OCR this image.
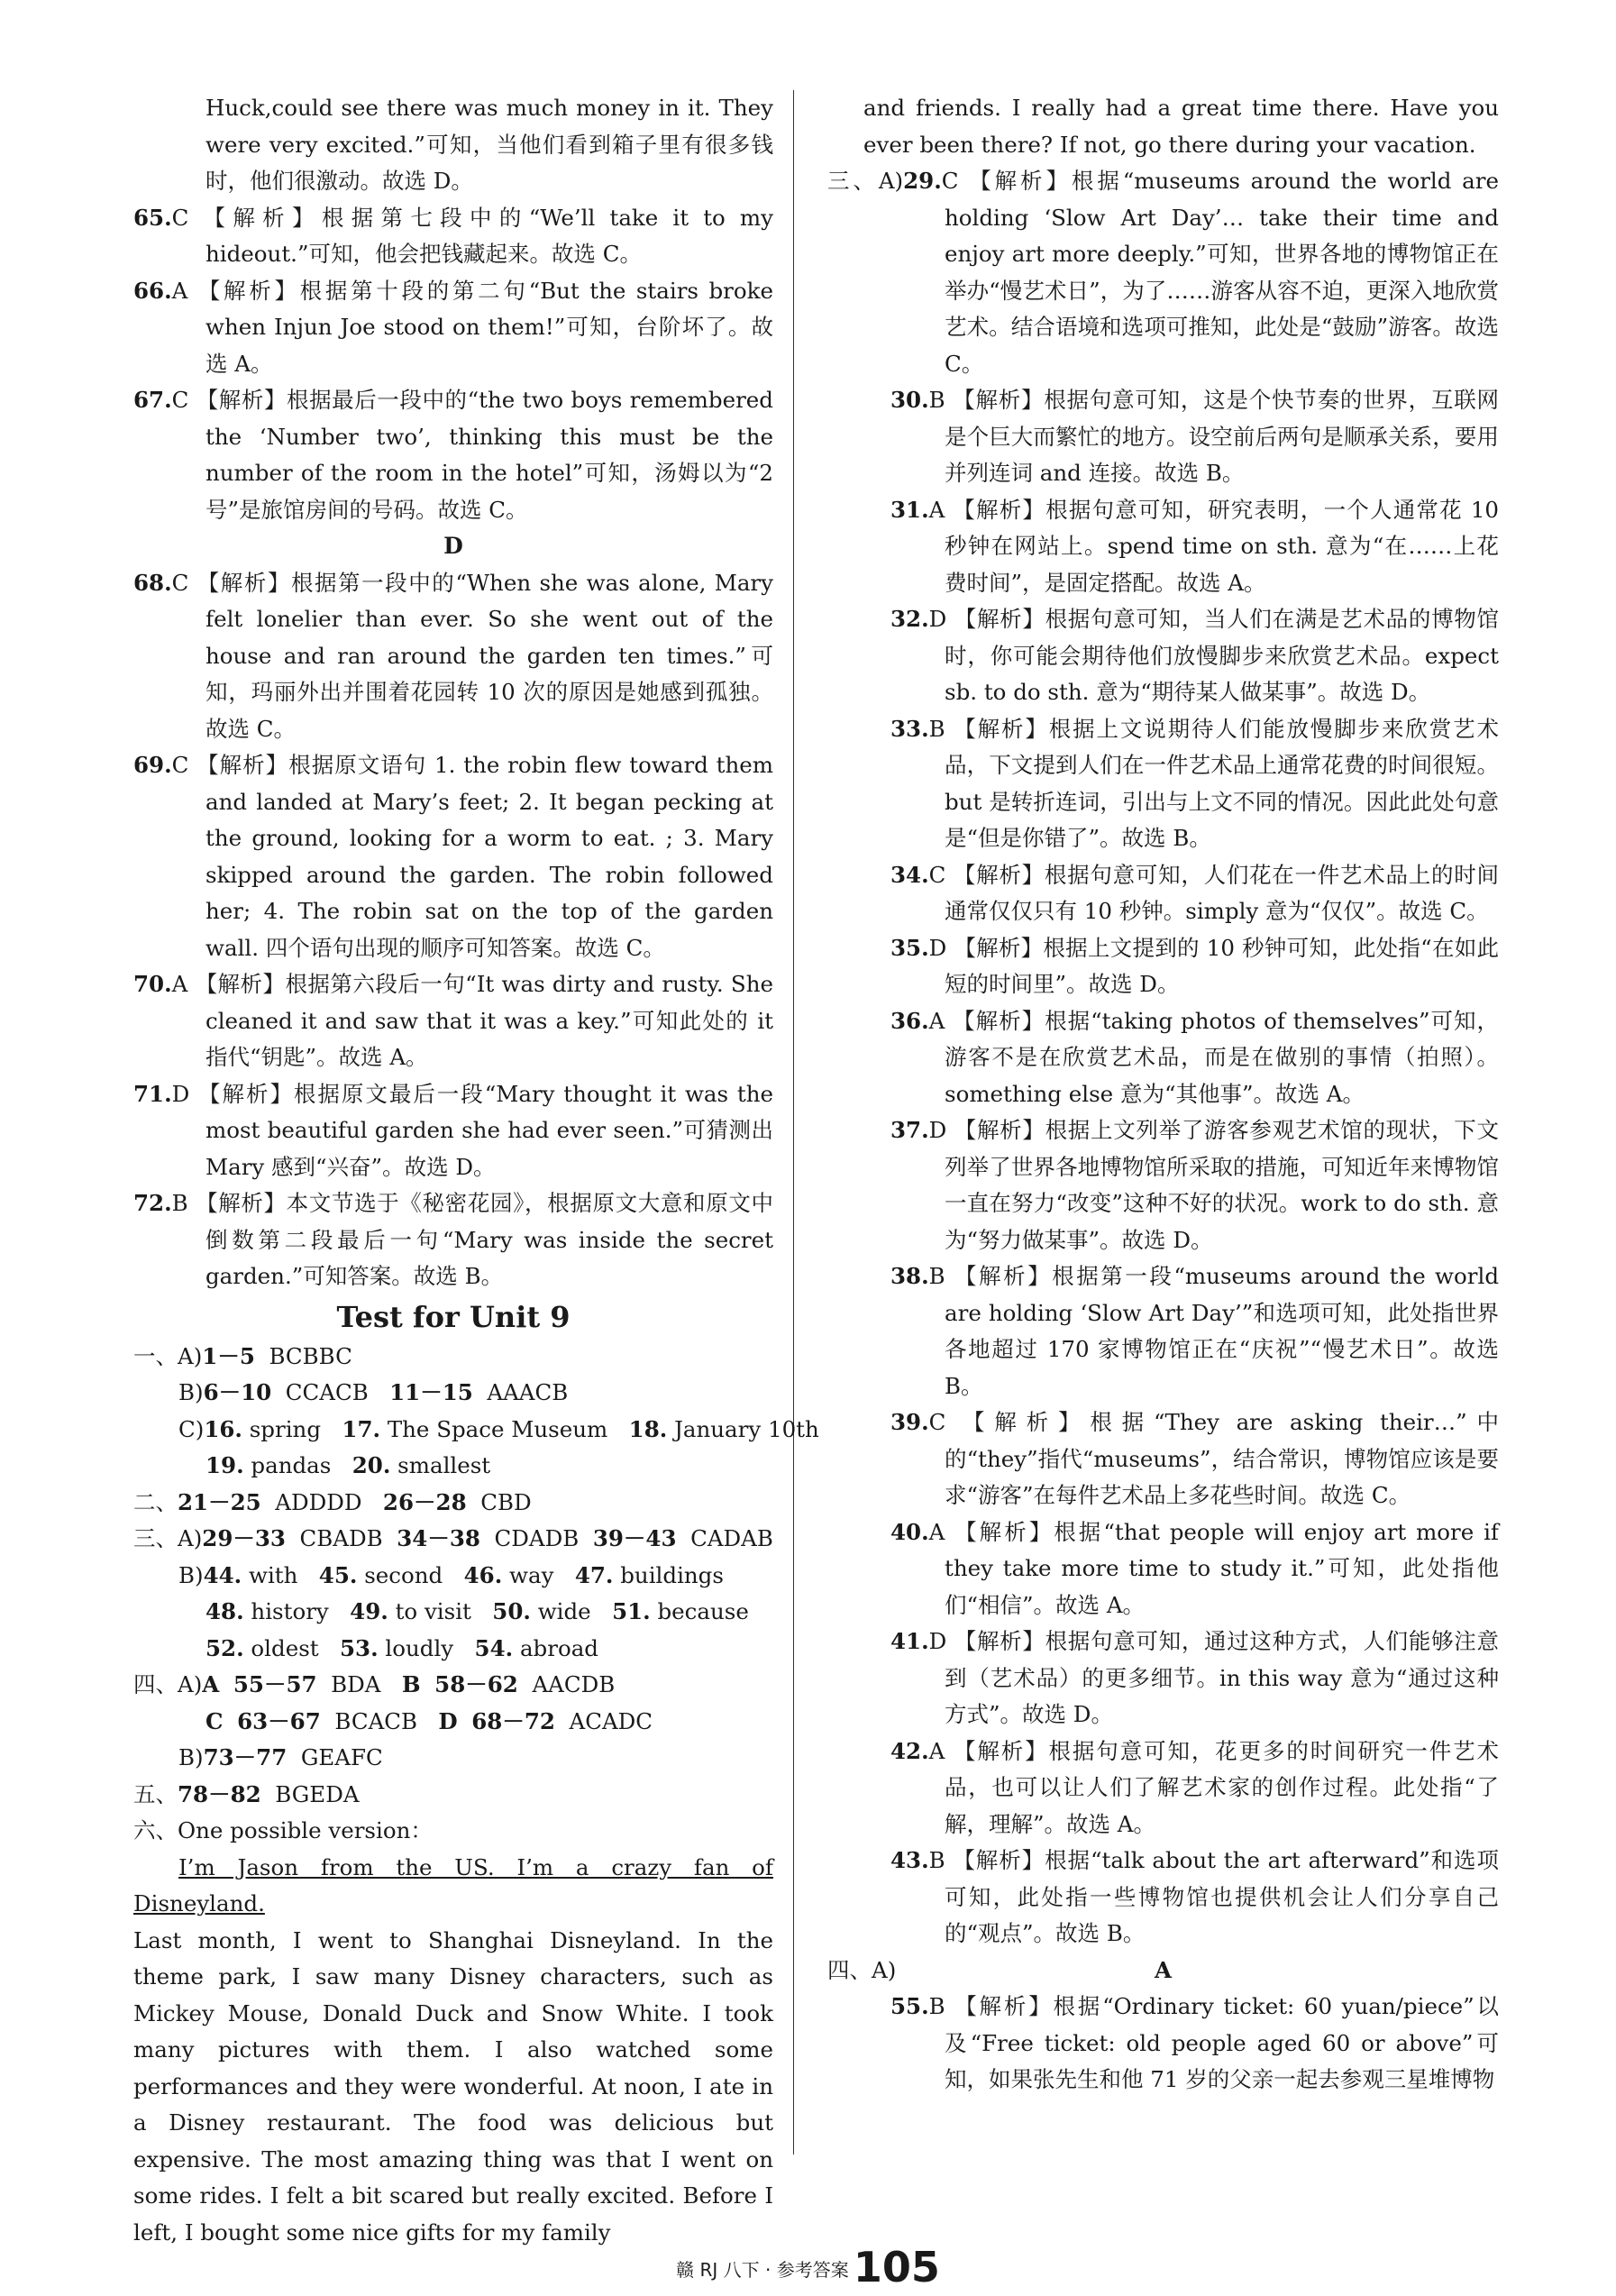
Huck,could see there was much money in it. They were very excited.”可知，当他们看到箱子里有很多钱时，他们很激动。故选 D。
65.C 【解析】根据第七段中的“We’ll take it to my hideout.”可知，他会把钱藏起来。故选 C。
66.A 【解析】根据第十段的第二句“But the stairs broke when Injun Joe stood on them!”可知，台阶坏了。故选 A。
67.C 【解析】根据最后一段中的“the two boys remembered the ‘Number two’, thinking this must be the number of the room in the hotel”可知，汤姆以为“2 号”是旅馆房间的号码。故选 C。
D
68.C 【解析】根据第一段中的“When she was alone, Mary felt lonelier than ever. So she went out of the house and ran around the garden ten times.”可知，玛丽外出并围着花园转 10 次的原因是她感到孤独。故选 C。
69.C 【解析】根据原文语句 1. the robin flew toward them and landed at Mary’s feet; 2. It began pecking at the ground, looking for a worm to eat. ; 3. Mary skipped around the garden. The robin followed her; 4. The robin sat on the top of the garden wall. 四个语句出现的顺序可知答案。故选 C。
70.A 【解析】根据第六段后一句“It was dirty and rusty. She cleaned it and saw that it was a key.”可知此处的 it 指代“钥匙”。故选 A。
71.D 【解析】根据原文最后一段“Mary thought it was the most beautiful garden she had ever seen.”可猜测出 Mary 感到“兴奋”。故选 D。
72.B 【解析】本文节选于《秘密花园》，根据原文大意和原文中倒数第二段最后一句“Mary was inside the secret garden.”可知答案。故选 B。
Test for Unit 9
一、A)1－5 BCBBC
B)6－10 CCACB 11－15 AAACB
C)16. spring 17. The Space Museum 18. January 10th
19. pandas 20. smallest
二、21－25 ADDDD 26－28 CBD
三、A)29－33 CBADB 34－38 CDADB 39－43 CADAB
B)44. with 45. second 46. way 47. buildings
48. history 49. to visit 50. wide 51. because
52. oldest 53. loudly 54. abroad
四、A)A 55－57 BDA B 58－62 AACDB
C 63－67 BCACB D 68－72 ACADC
B)73－77 GEAFC
五、78－82 BGEDA
六、One possible version：
I’m Jason from the US. I’m a crazy fan of Disneyland.
Last month, I went to Shanghai Disneyland. In the theme park, I saw many Disney characters, such as Mickey Mouse, Donald Duck and Snow White. I took many pictures with them. I also watched some performances and they were wonderful. At noon, I ate in a Disney restaurant. The food was delicious but expensive. The most amazing thing was that I went on some rides. I felt a bit scared but really excited. Before I left, I bought some nice gifts for my family
and friends. I really had a great time there. Have you ever been there? If not, go there during your vacation.
三、A)29.C 【解析】根据“museums around the world are holding ‘Slow Art Day’… take their time and enjoy art more deeply.”可知，世界各地的博物馆正在举办“慢艺术日”，为了……游客从容不迫，更深入地欣赏艺术。结合语境和选项可推知，此处是“鼓励”游客。故选 C。
30.B 【解析】根据句意可知，这是个快节奏的世界，互联网是个巨大而繁忙的地方。设空前后两句是顺承关系，要用并列连词 and 连接。故选 B。
31.A 【解析】根据句意可知，研究表明，一个人通常花 10 秒钟在网站上。spend time on sth. 意为“在……上花费时间”，是固定搭配。故选 A。
32.D 【解析】根据句意可知，当人们在满是艺术品的博物馆时，你可能会期待他们放慢脚步来欣赏艺术品。expect sb. to do sth. 意为“期待某人做某事”。故选 D。
33.B 【解析】根据上文说期待人们能放慢脚步来欣赏艺术品，下文提到人们在一件艺术品上通常花费的时间很短。but 是转折连词，引出与上文不同的情况。因此此处句意是“但是你错了”。故选 B。
34.C 【解析】根据句意可知，人们花在一件艺术品上的时间通常仅仅只有 10 秒钟。simply 意为“仅仅”。故选 C。
35.D 【解析】根据上文提到的 10 秒钟可知，此处指“在如此短的时间里”。故选 D。
36.A 【解析】根据“taking photos of themselves”可知，游客不是在欣赏艺术品，而是在做别的事情（拍照）。something else 意为“其他事”。故选 A。
37.D 【解析】根据上文列举了游客参观艺术馆的现状，下文列举了世界各地博物馆所采取的措施，可知近年来博物馆一直在努力“改变”这种不好的状况。work to do sth. 意为“努力做某事”。故选 D。
38.B 【解析】根据第一段“museums around the world are holding ‘Slow Art Day’”和选项可知，此处指世界各地超过 170 家博物馆正在“庆祝”“慢艺术日”。故选 B。
39.C 【解析】根据“They are asking their…”中的“they”指代“museums”，结合常识，博物馆应该是要求“游客”在每件艺术品上多花些时间。故选 C。
40.A 【解析】根据“that people will enjoy art more if they take more time to study it.”可知，此处指他们“相信”。故选 A。
41.D 【解析】根据句意可知，通过这种方式，人们能够注意到（艺术品）的更多细节。in this way 意为“通过这种方式”。故选 D。
42.A 【解析】根据句意可知，花更多的时间研究一件艺术品，也可以让人们了解艺术家的创作过程。此处指“了解，理解”。故选 A。
43.B 【解析】根据“talk about the art afterward”和选项可知，此处指一些博物馆也提供机会让人们分享自己的“观点”。故选 B。
四、A)	A
55.B 【解析】根据“Ordinary ticket: 60 yuan/piece”以及“Free ticket: old people aged 60 or above”可知，如果张先生和他 71 岁的父亲一起去参观三星堆博物
赣 RJ 八下 · 参考答案 105
